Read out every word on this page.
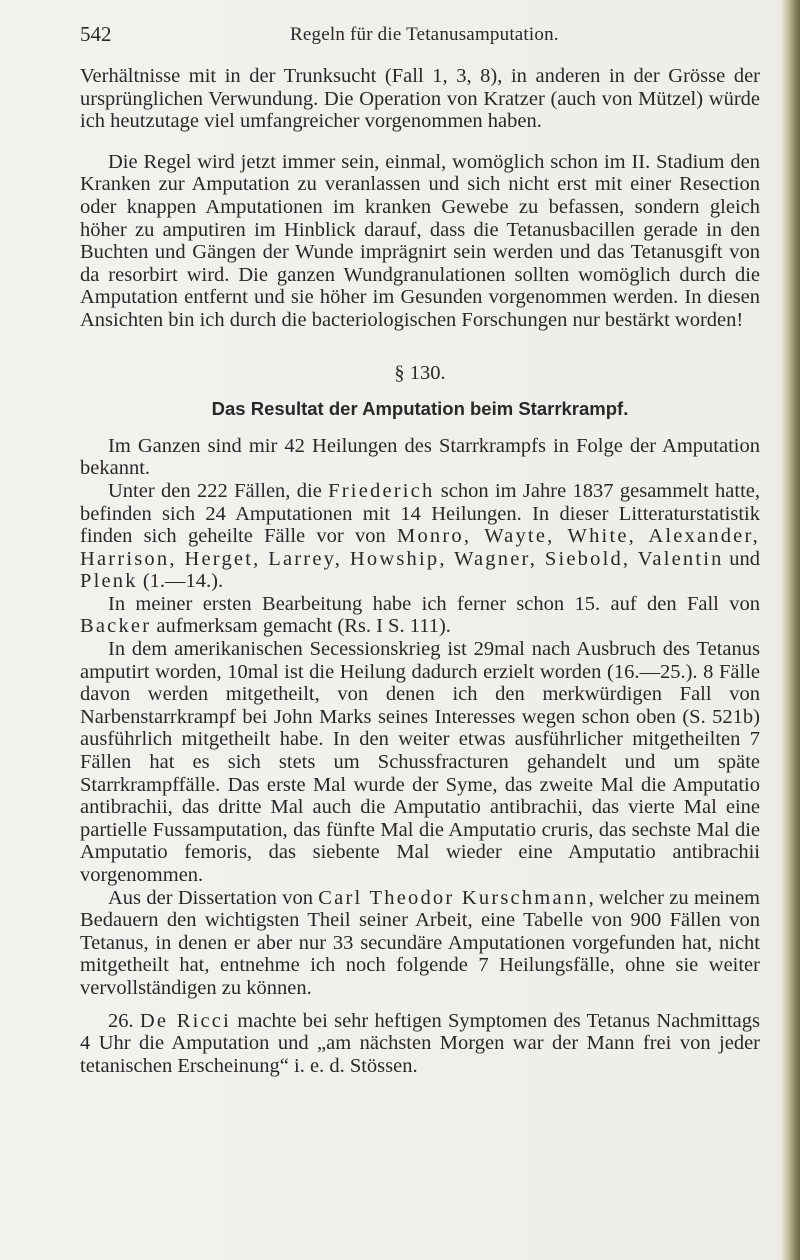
542	Regeln für die Tetanusamputation.

Verhältnisse mit in der Trunksucht (Fall 1, 3, 8), in anderen in der Grösse der ursprünglichen Verwundung. Die Operation von Kratzer (auch von Mützel) würde ich heutzutage viel umfangreicher vorgenommen haben.

Die Regel wird jetzt immer sein, einmal, womöglich schon im II. Stadium den Kranken zur Amputation zu veranlassen und sich nicht erst mit einer Resection oder knappen Amputationen im kranken Gewebe zu befassen, sondern gleich höher zu amputiren im Hinblick darauf, dass die Tetanusbacillen gerade in den Buchten und Gängen der Wunde imprägnirt sein werden und das Tetanusgift von da resorbirt wird. Die ganzen Wundgranulationen sollten womöglich durch die Amputation entfernt und sie höher im Gesunden vorgenommen werden. In diesen Ansichten bin ich durch die bacteriologischen Forschungen nur bestärkt worden!

§ 130.

Das Resultat der Amputation beim Starrkrampf.

Im Ganzen sind mir 42 Heilungen des Starrkrampfs in Folge der Amputation bekannt.

Unter den 222 Fällen, die Friederich schon im Jahre 1837 gesammelt hatte, befinden sich 24 Amputationen mit 14 Heilungen. In dieser Litteraturstatistik finden sich geheilte Fälle vor von Monro, Wayte, White, Alexander, Harrison, Herget, Larrey, Howship, Wagner, Siebold, Valentin und Plenk (1.—14.).

In meiner ersten Bearbeitung habe ich ferner schon 15. auf den Fall von Backer aufmerksam gemacht (Rs. I S. 111).

In dem amerikanischen Secessionskrieg ist 29mal nach Ausbruch des Tetanus amputirt worden, 10mal ist die Heilung dadurch erzielt worden (16.—25.). 8 Fälle davon werden mitgetheilt, von denen ich den merkwürdigen Fall von Narbenstarrkrampf bei John Marks seines Interesses wegen schon oben (S. 521b) ausführlich mitgetheilt habe. In den weiter etwas ausführlicher mitgetheilten 7 Fällen hat es sich stets um Schussfracturen gehandelt und um späte Starrkrampffälle. Das erste Mal wurde der Syme, das zweite Mal die Amputatio antibrachii, das dritte Mal auch die Amputatio antibrachii, das vierte Mal eine partielle Fussamputation, das fünfte Mal die Amputatio cruris, das sechste Mal die Amputatio femoris, das siebente Mal wieder eine Amputatio antibrachii vorgenommen.

Aus der Dissertation von Carl Theodor Kurschmann, welcher zu meinem Bedauern den wichtigsten Theil seiner Arbeit, eine Tabelle von 900 Fällen von Tetanus, in denen er aber nur 33 secundäre Amputationen vorgefunden hat, nicht mitgetheilt hat, entnehme ich noch folgende 7 Heilungsfälle, ohne sie weiter vervollständigen zu können.

26. De Ricci machte bei sehr heftigen Symptomen des Tetanus Nachmittags 4 Uhr die Amputation und „am nächsten Morgen war der Mann frei von jeder tetanischen Erscheinung“ i. e. d. Stössen.
